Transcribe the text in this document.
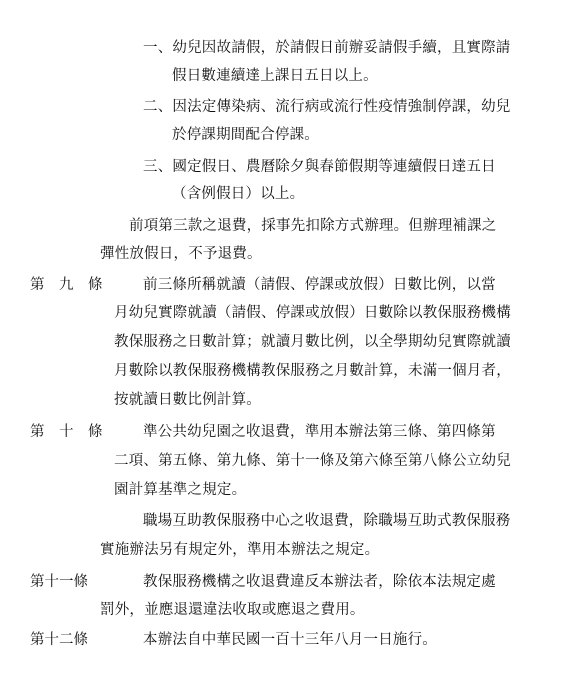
一、幼兒因故請假，於請假日前辦妥請假手續，且實際請
假日數連續達上課日五日以上。
二、因法定傳染病、流行病或流行性疫情強制停課，幼兒
於停課期間配合停課。
三、國定假日、農曆除夕與春節假期等連續假日達五日
（含例假日）以上。
前項第三款之退費，採事先扣除方式辦理。但辦理補課之
彈性放假日，不予退費。
第　九　條	前三條所稱就讀（請假、停課或放假）日數比例，以當
月幼兒實際就讀（請假、停課或放假）日數除以教保服務機構
教保服務之日數計算；就讀月數比例，以全學期幼兒實際就讀
月數除以教保服務機構教保服務之月數計算，未滿一個月者，
按就讀日數比例計算。
第　十　條	準公共幼兒園之收退費，準用本辦法第三條、第四條第
二項、第五條、第九條、第十一條及第六條至第八條公立幼兒
園計算基準之規定。
職場互助教保服務中心之收退費，除職場互助式教保服務
實施辦法另有規定外，準用本辦法之規定。
第十一條	教保服務機構之收退費違反本辦法者，除依本法規定處
罰外，並應退還違法收取或應退之費用。
第十二條	本辦法自中華民國一百十三年八月一日施行。
